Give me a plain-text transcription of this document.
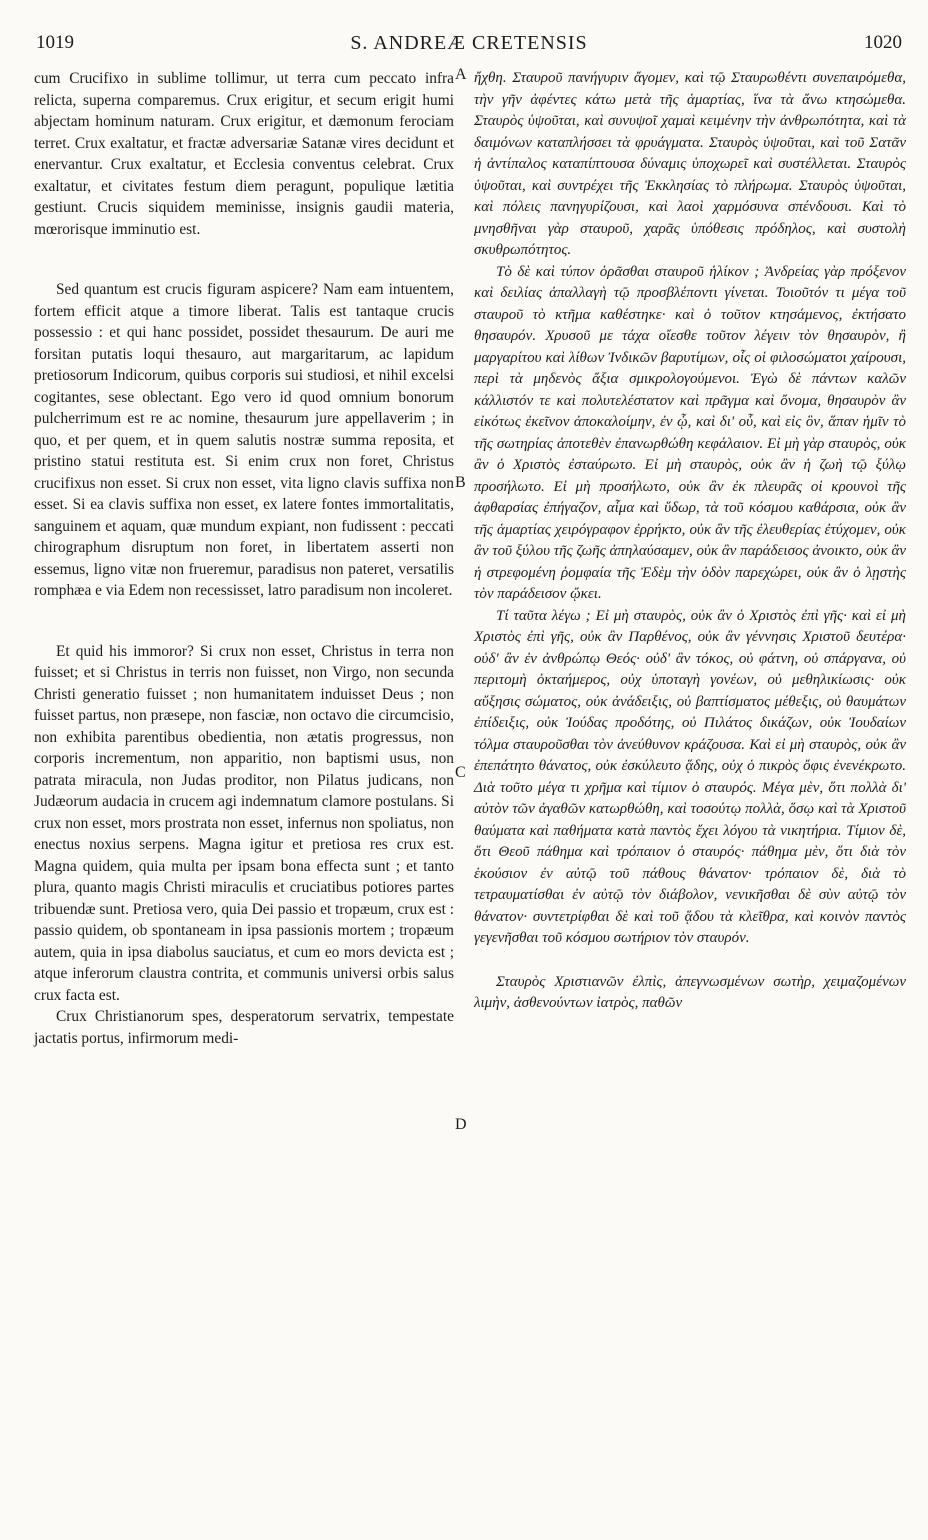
1019	S. ANDREÆ CRETENSIS	1020

cum Crucifixo in sublime tollimur, ut terra cum peccato infra relicta, superna comparemus. Crux erigitur, et secum erigit humi abjectam hominum naturam. Crux erigitur, et dæmonum ferociam terret. Crux exaltatur, et fractæ adversariæ Satanæ vires decidunt et enervantur. Crux exaltatur, et Ecclesia conventus celebrat. Crux exaltatur, et civitates festum diem peragunt, populique lætitia gestiunt. Crucis siquidem meminisse, insignis gaudii materia, mœrorisque imminutio est.

Sed quantum est crucis figuram aspicere? Nam eam intuentem, fortem efficit atque a timore liberat. Talis est tantaque crucis possessio : et qui hanc possidet, possidet thesaurum. De auri me forsitan putatis loqui thesauro, aut margaritarum, ac lapidum pretiosorum Indicorum, quibus corporis sui studiosi, et nihil excelsi cogitantes, sese oblectant. Ego vero id quod omnium bonorum pulcherrimum est re ac nomine, thesaurum jure appellaverim ; in quo, et per quem, et in quem salutis nostræ summa reposita, et pristino statui restituta est. Si enim crux non foret, Christus crucifixus non esset. Si crux non esset, vita ligno clavis suffixa non esset. Si ea clavis suffixa non esset, ex latere fontes immortalitatis, sanguinem et aquam, quæ mundum expiant, non fudissent : peccati chirographum disruptum non foret, in libertatem asserti non essemus, ligno vitæ non frueremur, paradisus non pateret, versatilis romphæa e via Edem non recessisset, latro paradisum non incoleret.

Et quid his immoror? Si crux non esset, Christus in terra non fuisset; et si Christus in terris non fuisset, non Virgo, non secunda Christi generatio fuisset ; non humanitatem induisset Deus ; non fuisset partus, non præsepe, non fasciæ, non octavo die circumcisio, non exhibita parentibus obedientia, non ætatis progressus, non corporis incrementum, non apparitio, non baptismi usus, non patrata miracula, non Judas proditor, non Pilatus judicans, non Judæorum audacia in crucem agi indemnatum clamore postulans. Si crux non esset, mors prostrata non esset, infernus non spoliatus, non enectus noxius serpens. Magna igitur et pretiosa res crux est. Magna quidem, quia multa per ipsam bona effecta sunt ; et tanto plura, quanto magis Christi miraculis et cruciatibus potiores partes tribuendæ sunt. Pretiosa vero, quia Dei passio et tropæum, crux est : passio quidem, ob spontaneam in ipsa passionis mortem ; tropæum autem, quia in ipsa diabolus sauciatus, et cum eo mors devicta est ; atque inferorum claustra contrita, et communis universi orbis salus crux facta est.

Crux Christianorum spes, desperatorum servatrix, tempestate jactatis portus, infirmorum medi-

A
B
C
D

ἤχθη. Σταυροῦ πανήγυριν ἄγομεν, καὶ τῷ Σταυρωθέντι συνεπαιρόμεθα, τὴν γῆν ἀφέντες κάτω μετὰ τῆς ἁμαρτίας, ἵνα τὰ ἄνω κτησώμεθα. Σταυρὸς ὑψοῦται, καὶ συνυψοῖ χαμαὶ κειμένην τὴν ἀνθρωπότητα, καὶ τὰ δαιμόνων καταπλήσσει τὰ φρυάγματα. Σταυρὸς ὑψοῦται, καὶ τοῦ Σατᾶν ἡ ἀντίπαλος καταπίπτουσα δύναμις ὑποχωρεῖ καὶ συστέλλεται. Σταυρὸς ὑψοῦται, καὶ συντρέχει τῆς Ἐκκλησίας τὸ πλήρωμα. Σταυρὸς ὑψοῦται, καὶ πόλεις πανηγυρίζουσι, καὶ λαοὶ χαρμόσυνα σπένδουσι. Καὶ τὸ μνησθῆναι γὰρ σταυροῦ, χαρᾶς ὑπόθεσις πρόδηλος, καὶ συστολὴ σκυθρωπότητος.

Τὸ δὲ καὶ τύπον ὁρᾶσθαι σταυροῦ ἡλίκον ; Ἀνδρείας γὰρ πρόξενον καὶ δειλίας ἀπαλλαγὴ τῷ προσβλέποντι γίνεται. Τοιοῦτόν τι μέγα τοῦ σταυροῦ τὸ κτῆμα καθέστηκε· καὶ ὁ τοῦτον κτησάμενος, ἐκτήσατο θησαυρόν. Χρυσοῦ με τάχα οἴεσθε τοῦτον λέγειν τὸν θησαυρὸν, ἢ μαργαρίτου καὶ λίθων Ἰνδικῶν βαρυτίμων, οἷς οἱ φιλοσώματοι χαίρουσι, περὶ τὰ μηδενὸς ἄξια σμικρολογούμενοι. Ἐγὼ δὲ πάντων καλῶν κάλλιστόν τε καὶ πολυτελέστατον καὶ πρᾶγμα καὶ ὄνομα, θησαυρὸν ἂν εἰκότως ἐκεῖνον ἀποκαλοίμην, ἐν ᾧ, καὶ δι' οὗ, καὶ εἰς ὃν, ἅπαν ἡμῖν τὸ τῆς σωτηρίας ἀποτεθὲν ἐπανωρθώθη κεφάλαιον. Εἰ μὴ γὰρ σταυρὸς, οὐκ ἂν ὁ Χριστὸς ἐσταύρωτο. Εἰ μὴ σταυρὸς, οὐκ ἂν ἡ ζωὴ τῷ ξύλῳ προσήλωτο. Εἰ μὴ προσήλωτο, οὐκ ἂν ἐκ πλευρᾶς οἱ κρουνοὶ τῆς ἀφθαρσίας ἐπήγαζον, αἷμα καὶ ὕδωρ, τὰ τοῦ κόσμου καθάρσια, οὐκ ἂν τῆς ἁμαρτίας χειρόγραφον ἐρρήκτο, οὐκ ἂν τῆς ἐλευθερίας ἐτύχομεν, οὐκ ἂν τοῦ ξύλου τῆς ζωῆς ἀπηλαύσαμεν, οὐκ ἂν παράδεισος ἀνοικτο, οὐκ ἂν ἡ στρεφομένη ῥομφαία τῆς Ἐδὲμ τὴν ὁδὸν παρεχώρει, οὐκ ἂν ὁ λῃστὴς τὸν παράδεισον ᾤκει.

Τί ταῦτα λέγω ; Εἰ μὴ σταυρὸς, οὐκ ἂν ὁ Χριστὸς ἐπὶ γῆς· καὶ εἰ μὴ Χριστὸς ἐπὶ γῆς, οὐκ ἂν Παρθένος, οὐκ ἂν γέννησις Χριστοῦ δευτέρα· οὐδ' ἂν ἐν ἀνθρώπῳ Θεός· οὐδ' ἂν τόκος, οὐ φάτνη, οὐ σπάργανα, οὐ περιτομὴ ὀκταήμερος, οὐχ ὑποταγὴ γονέων, οὐ μεθηλικίωσις· οὐκ αὔξησις σώματος, οὐκ ἀνάδειξις, οὐ βαπτίσματος μέθεξις, οὐ θαυμάτων ἐπίδειξις, οὐκ Ἰούδας προδότης, οὐ Πιλάτος δικάζων, οὐκ Ἰουδαίων τόλμα σταυροῦσθαι τὸν ἀνεύθυνον κράζουσα. Καὶ εἰ μὴ σταυρὸς, οὐκ ἂν ἐπεπάτητο θάνατος, οὐκ ἐσκύλευτο ᾅδης, οὐχ ὁ πικρὸς ὄφις ἐνενέκρωτο. Διὰ τοῦτο μέγα τι χρῆμα καὶ τίμιον ὁ σταυρός. Μέγα μὲν, ὅτι πολλὰ δι' αὐτὸν τῶν ἀγαθῶν κατωρθώθη, καὶ τοσούτῳ πολλὰ, ὅσῳ καὶ τὰ Χριστοῦ θαύματα καὶ παθήματα κατὰ παντὸς ἔχει λόγου τὰ νικητήρια. Τίμιον δὲ, ὅτι Θεοῦ πάθημα καὶ τρόπαιον ὁ σταυρός· πάθημα μὲν, ὅτι διὰ τὸν ἑκούσιον ἐν αὐτῷ τοῦ πάθους θάνατον· τρόπαιον δὲ, διὰ τὸ τετραυματίσθαι ἐν αὐτῷ τὸν διάβολον, νενικῆσθαι δὲ σὺν αὐτῷ τὸν θάνατον· συντετρίφθαι δὲ καὶ τοῦ ᾅδου τὰ κλεῖθρα, καὶ κοινὸν παντὸς γεγενῆσθαι τοῦ κόσμου σωτήριον τὸν σταυρόν.

Σταυρὸς Χριστιανῶν ἐλπὶς, ἀπεγνωσμένων σωτὴρ, χειμαζομένων λιμὴν, ἀσθενούντων ἰατρὸς, παθῶν
